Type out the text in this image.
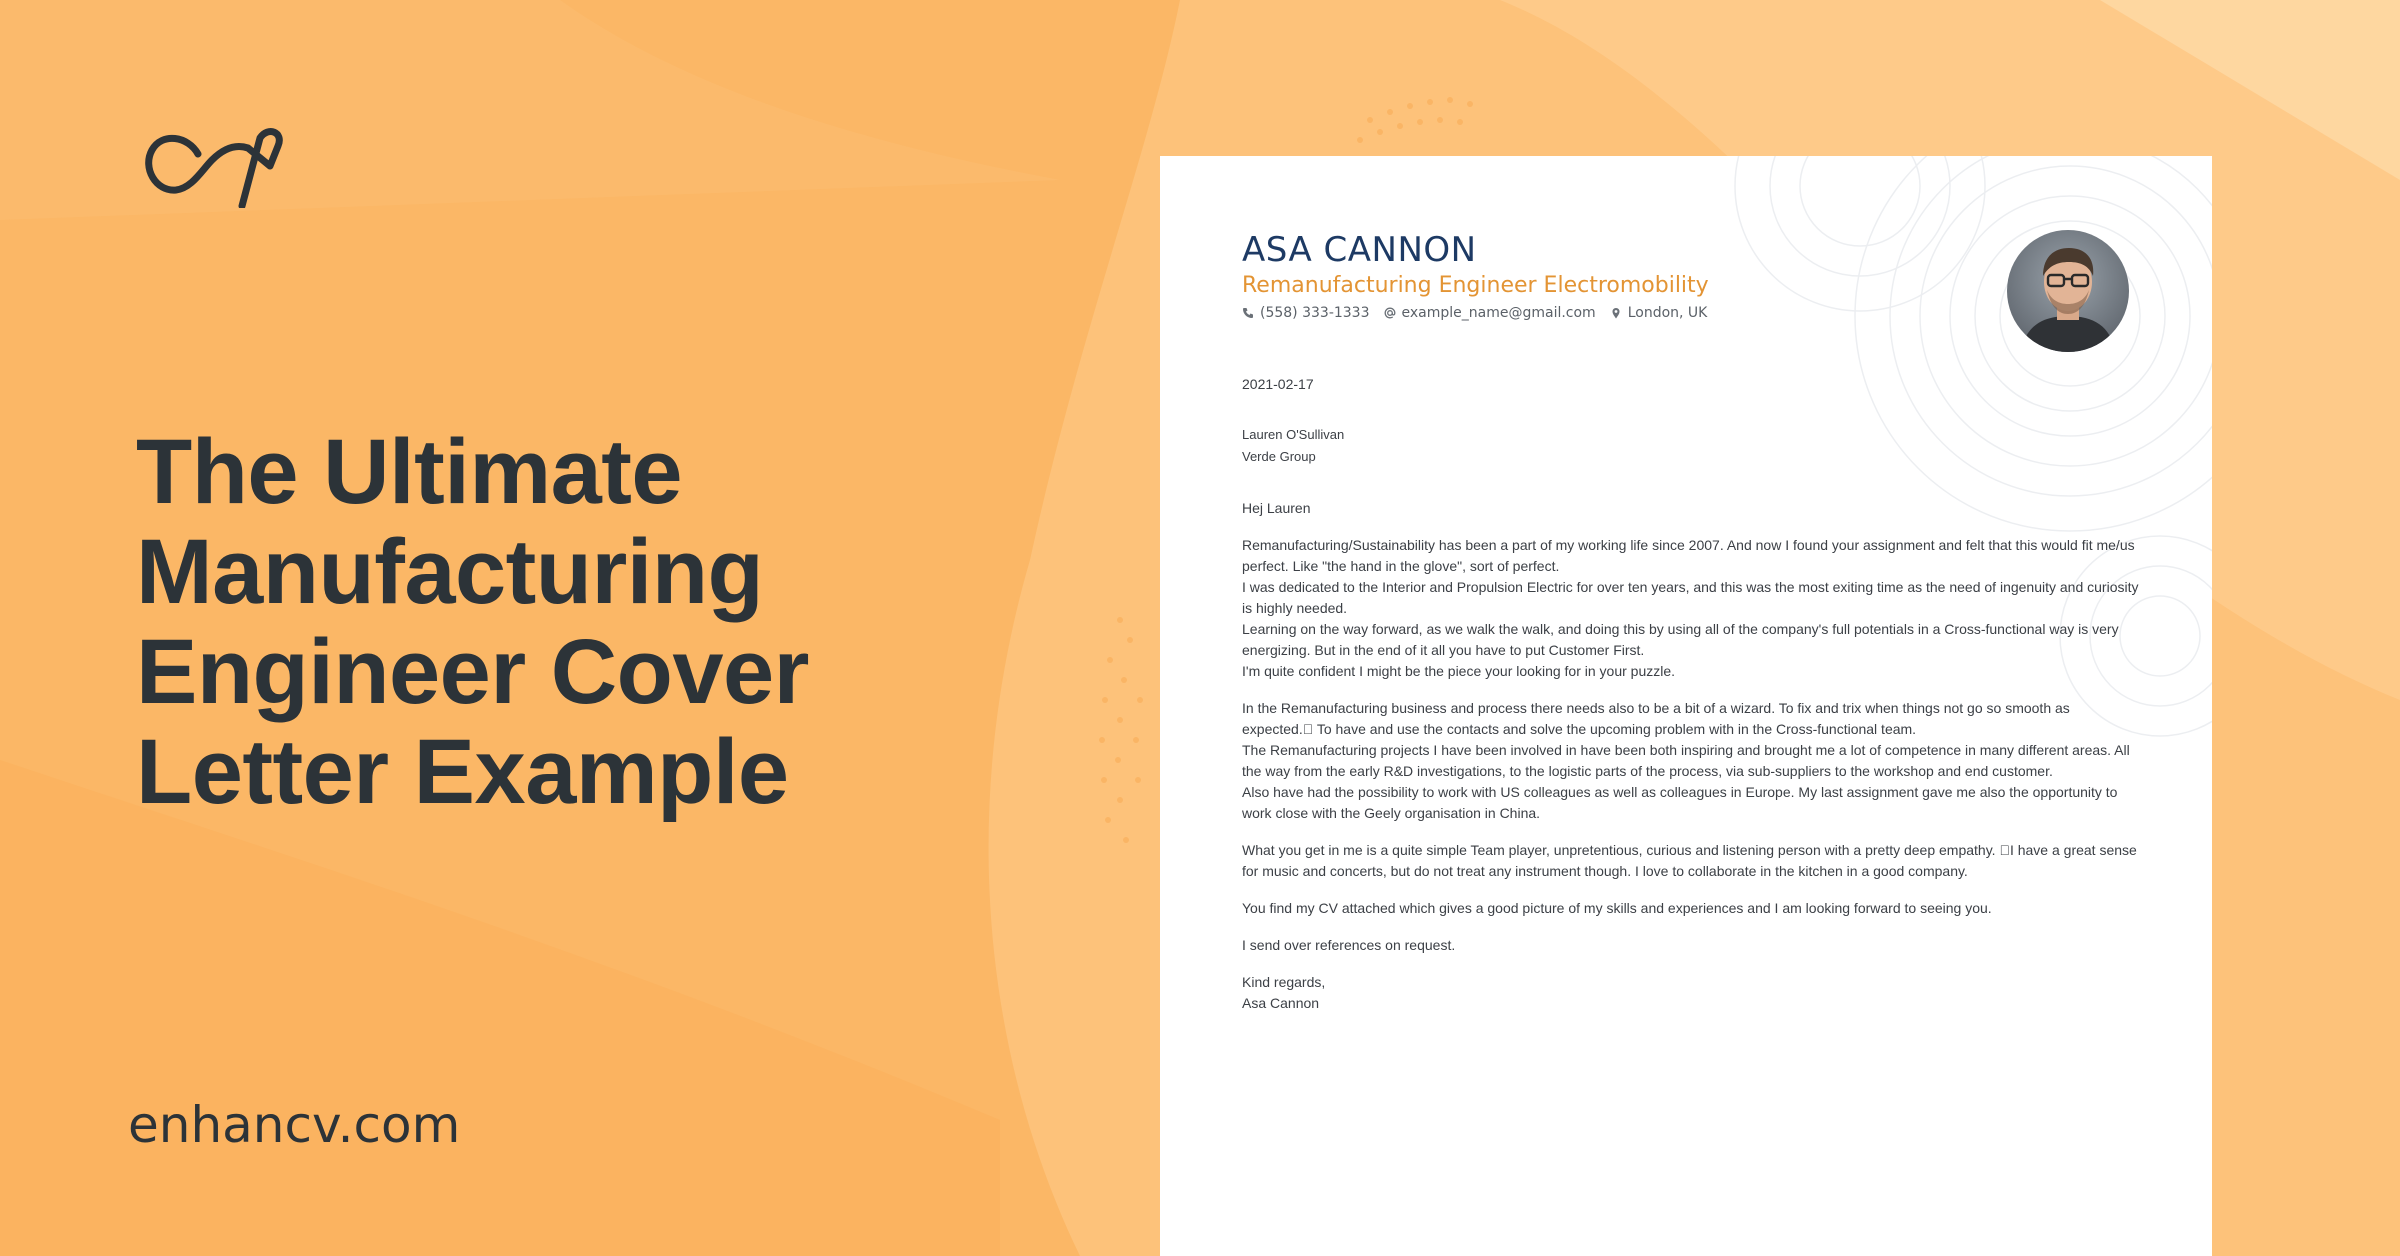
The Ultimate Manufacturing Engineer Cover Letter Example
enhancv.com
ASA CANNON
Remanufacturing Engineer Electromobility
(558) 333-1333 example_name@gmail.com London, UK
2021-02-17
Lauren O'Sullivan
Verde Group
Hej Lauren

Remanufacturing/Sustainability has been a part of my working life since 2007. And now I found your assignment and felt that this would fit me/us perfect. Like "the hand in the glove", sort of perfect.
I was dedicated to the Interior and Propulsion Electric for over ten years, and this was the most exiting time as the need of ingenuity and curiosity is highly needed.
Learning on the way forward, as we walk the walk, and doing this by using all of the company's full potentials in a Cross-functional way is very energizing. But in the end of it all you have to put Customer First.
I'm quite confident I might be the piece your looking for in your puzzle.

In the Remanufacturing business and process there needs also to be a bit of a wizard. To fix and trix when things not go so smooth as expected.  To have and use the contacts and solve the upcoming problem with in the Cross-functional team.
The Remanufacturing projects I have been involved in have been both inspiring and brought me a lot of competence in many different areas. All the way from the early R&D investigations, to the logistic parts of the process, via sub-suppliers to the workshop and end customer.
Also have had the possibility to work with US colleagues as well as colleagues in Europe. My last assignment gave me also the opportunity to work close with the Geely organisation in China.

What you get in me is a quite simple Team player, unpretentious, curious and listening person with a pretty deep empathy.  I have a great sense for music and concerts, but do not treat any instrument though. I love to collaborate in the kitchen in a good company.

You find my CV attached which gives a good picture of my skills and experiences and I am looking forward to seeing you.

I send over references on request.

Kind regards,
Asa Cannon
